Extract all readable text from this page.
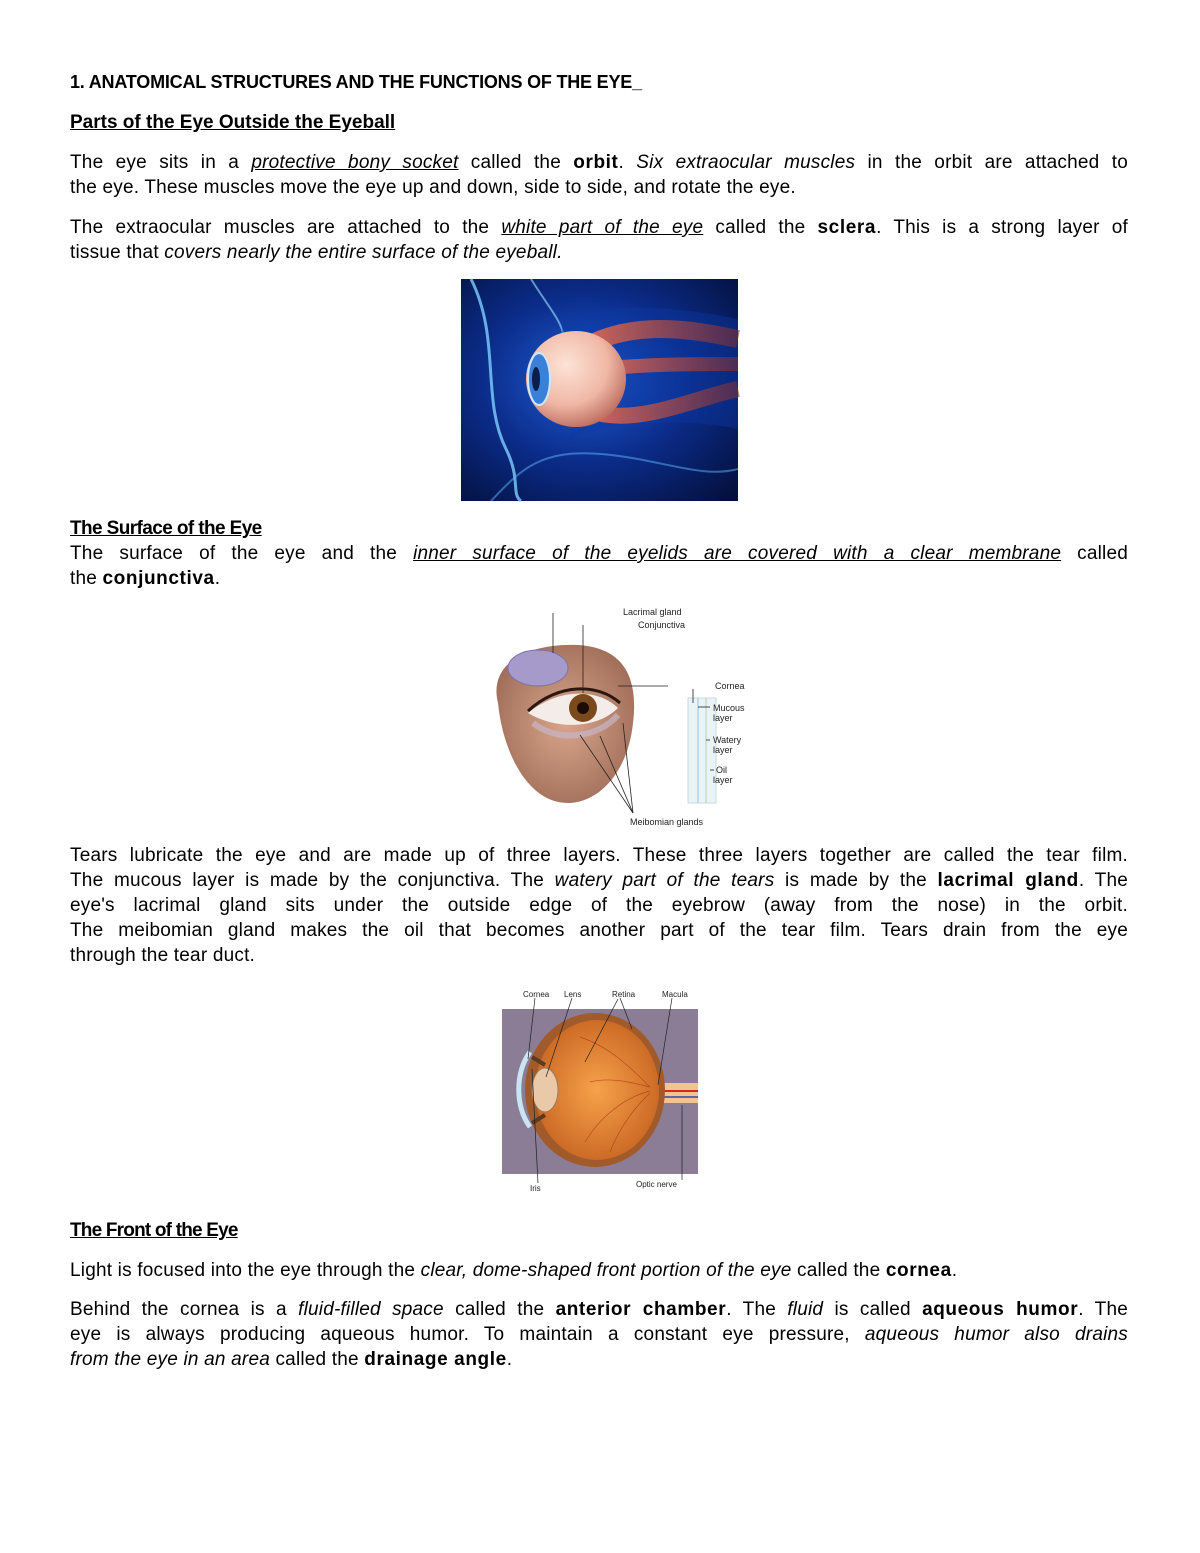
1. ANATOMICAL STRUCTURES AND THE FUNCTIONS OF THE EYE_
Parts of the Eye Outside the Eyeball
The eye sits in a protective bony socket called the orbit. Six extraocular muscles in the orbit are attached to
the eye. These muscles move the eye up and down, side to side, and rotate the eye.
The extraocular muscles are attached to the white part of the eye called the sclera. This is a strong layer of
tissue that covers nearly the entire surface of the eyeball.
The Surface of the Eye
The surface of the eye and the inner surface of the eyelids are covered with a clear membrane called
the conjunctiva.
Lacrimal gland
Conjunctiva
Cornea
Mucous
layer
Watery
layer
Oil
layer
Meibomian glands
Tears lubricate the eye and are made up of three layers. These three layers together are called the tear film.
The mucous layer is made by the conjunctiva. The watery part of the tears is made by the lacrimal gland. The
eye's lacrimal gland sits under the outside edge of the eyebrow (away from the nose) in the orbit.
The meibomian gland makes the oil that becomes another part of the tear film. Tears drain from the eye
through the tear duct.
Cornea Lens	Retina	Macula
Iris	Optic nerve
The Front of the Eye
Light is focused into the eye through the clear, dome-shaped front portion of the eye called the cornea.
Behind the cornea is a fluid-filled space called the anterior chamber. The fluid is called aqueous humor. The
eye is always producing aqueous humor. To maintain a constant eye pressure, aqueous humor also drains
from the eye in an area called the drainage angle.
